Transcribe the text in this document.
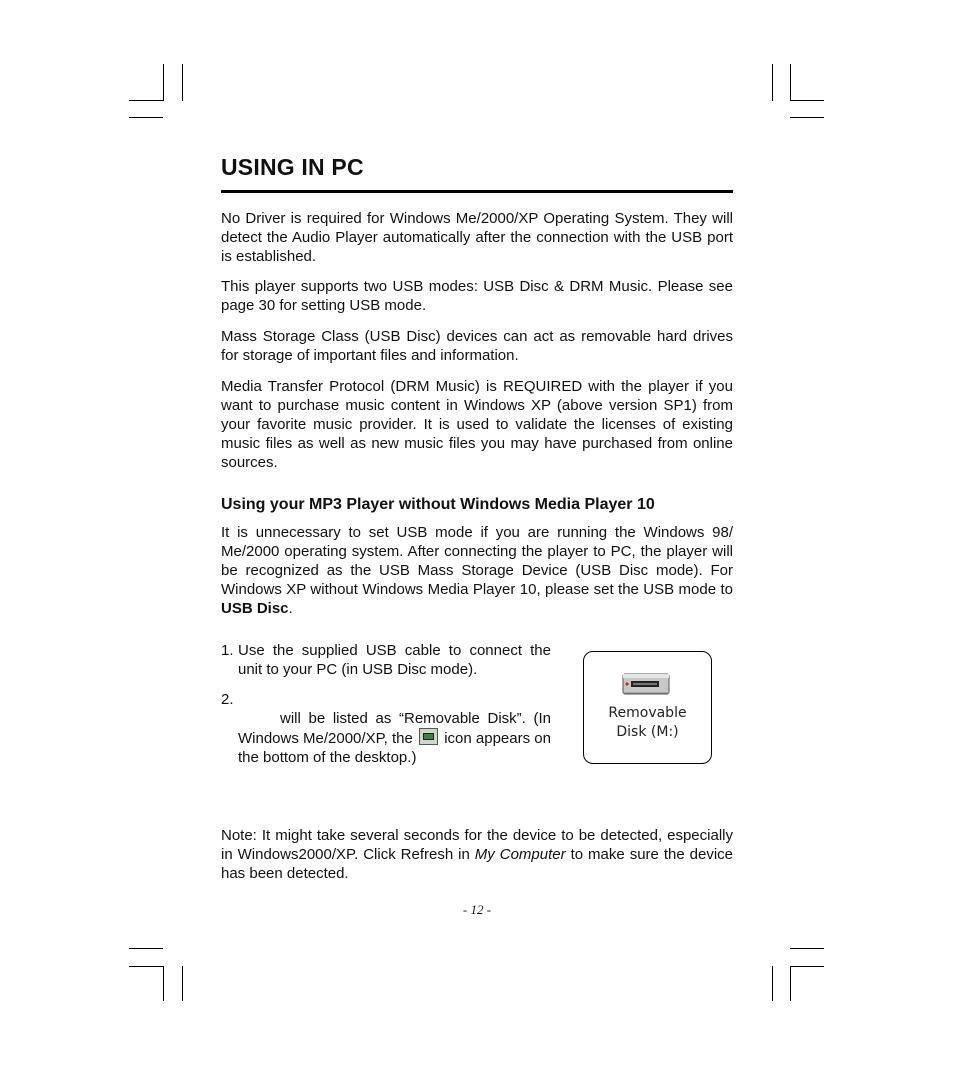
USING IN PC

No Driver is required for Windows Me/2000/XP Operating System. They will detect the Audio Player automatically after the connection with the USB port is established.

This player supports two USB modes: USB Disc & DRM Music. Please see page 30 for setting USB mode.

Mass Storage Class (USB Disc) devices can act as removable hard drives for storage of important files and information.

Media Transfer Protocol (DRM Music) is REQUIRED with the player if you want to purchase music content in Windows XP (above version SP1) from your favorite music provider. It is used to validate the licenses of existing music files as well as new music files you may have purchased from online sources.

Using your MP3 Player without Windows Media Player 10

It is unnecessary to set USB mode if you are running the Windows 98/ Me/2000 operating system. After connecting the player to PC, the player will be recognized as the USB Mass Storage Device (USB Disc mode). For Windows XP without Windows Media Player 10, please set the USB mode to USB Disc.

1. Use the supplied USB cable to connect the unit to your PC (in USB Disc mode).
2.
will be listed as “Removable Disk”. (In Windows Me/2000/XP, the  icon appears on the bottom of the desktop.)
Removable
Disk (M:)

Note: It might take several seconds for the device to be detected, especially in Windows2000/XP. Click Refresh in My Computer to make sure the device has been detected.

- 12 -
